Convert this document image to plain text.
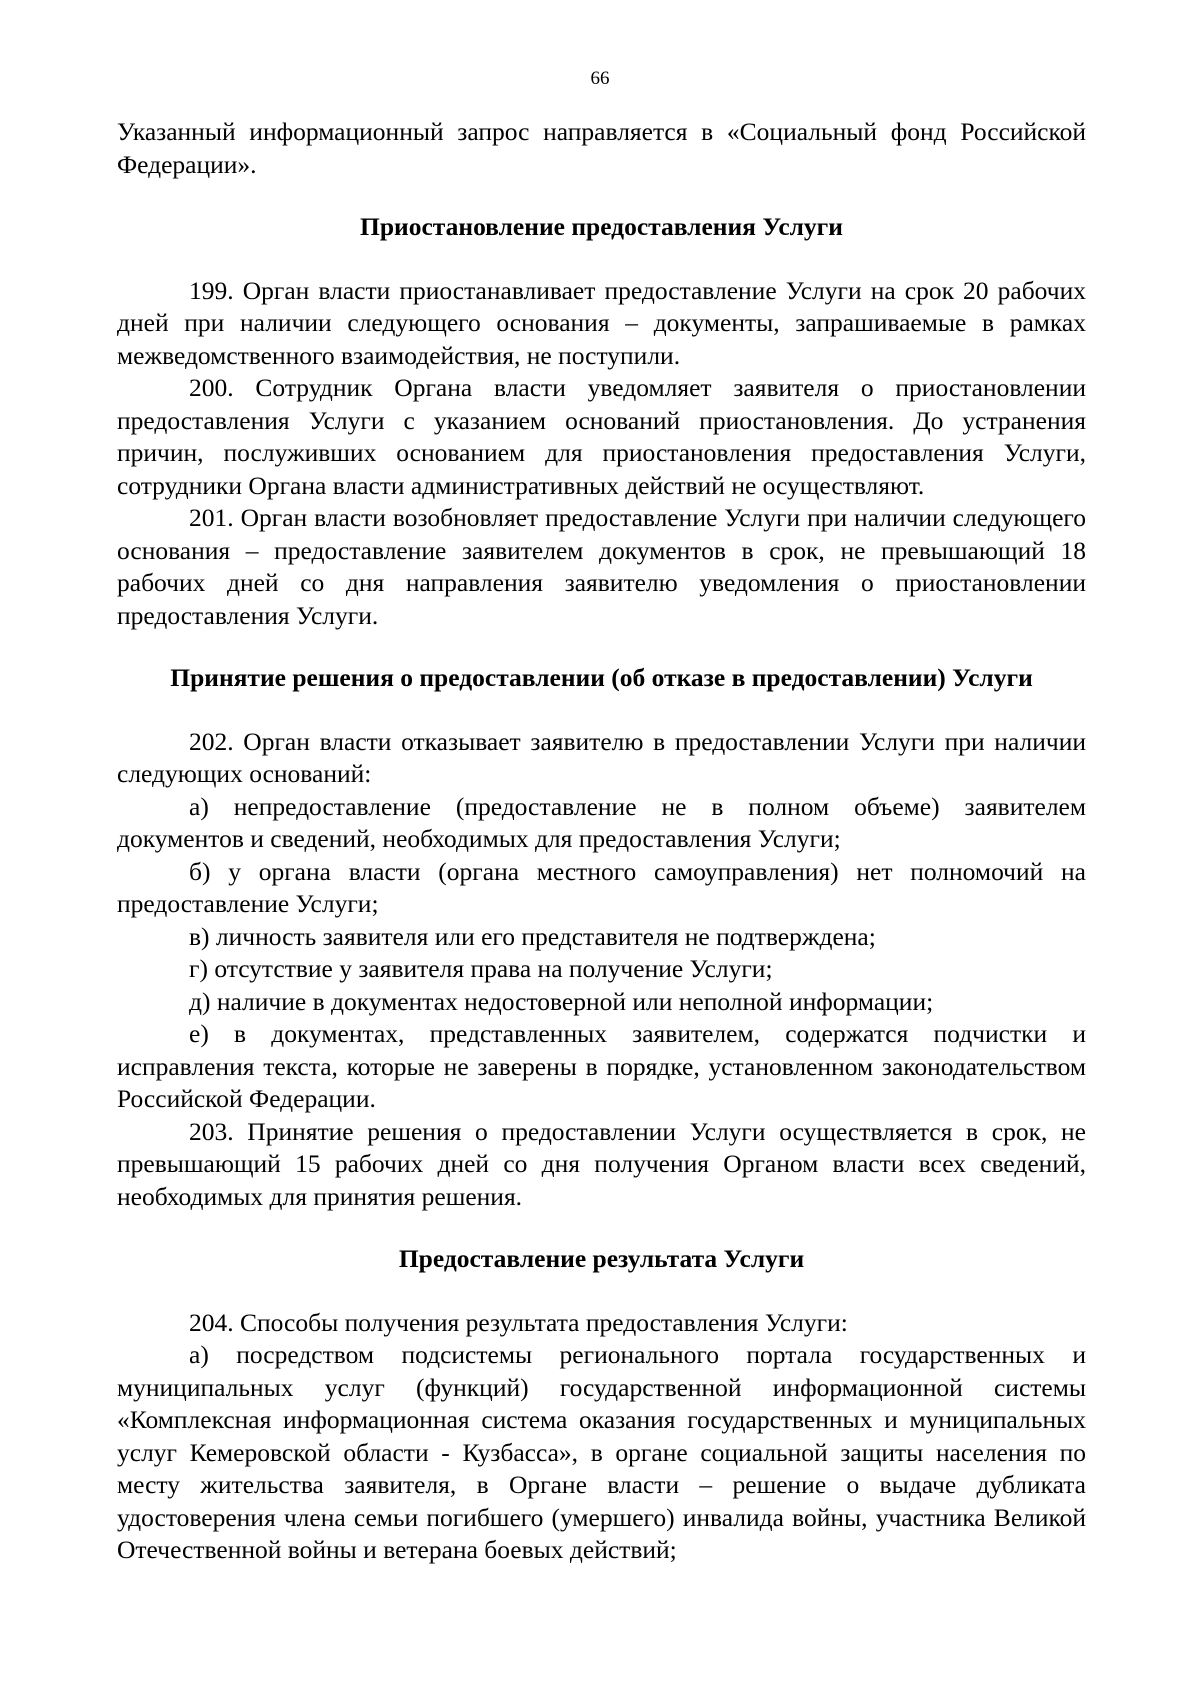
66

Указанный информационный запрос направляется в «Социальный фонд Российской Федерации».

Приостановление предоставления Услуги

199. Орган власти приостанавливает предоставление Услуги на срок 20 рабочих дней при наличии следующего основания – документы, запрашиваемые в рамках межведомственного взаимодействия, не поступили.

200. Сотрудник Органа власти уведомляет заявителя о приостановлении предоставления Услуги с указанием оснований приостановления. До устранения причин, послуживших основанием для приостановления предоставления Услуги, сотрудники Органа власти административных действий не осуществляют.

201. Орган власти возобновляет предоставление Услуги при наличии следующего основания – предоставление заявителем документов в срок, не превышающий 18 рабочих дней со дня направления заявителю уведомления о приостановлении предоставления Услуги.

Принятие решения о предоставлении (об отказе в предоставлении) Услуги

202. Орган власти отказывает заявителю в предоставлении Услуги при наличии следующих оснований:

а) непредоставление (предоставление не в полном объеме) заявителем документов и сведений, необходимых для предоставления Услуги;

б) у органа власти (органа местного самоуправления) нет полномочий на предоставление Услуги;

в) личность заявителя или его представителя не подтверждена;

г) отсутствие у заявителя права на получение Услуги;

д) наличие в документах недостоверной или неполной информации;

е) в документах, представленных заявителем, содержатся подчистки и исправления текста, которые не заверены в порядке, установленном законодательством Российской Федерации.

203. Принятие решения о предоставлении Услуги осуществляется в срок, не превышающий 15 рабочих дней со дня получения Органом власти всех сведений, необходимых для принятия решения.

Предоставление результата Услуги

204. Способы получения результата предоставления Услуги:

а) посредством подсистемы регионального портала государственных и муниципальных услуг (функций) государственной информационной системы «Комплексная информационная система оказания государственных и муниципальных услуг Кемеровской области - Кузбасса», в органе социальной защиты населения по месту жительства заявителя, в Органе власти – решение о выдаче дубликата удостоверения члена семьи погибшего (умершего) инвалида войны, участника Великой Отечественной войны и ветерана боевых действий;
